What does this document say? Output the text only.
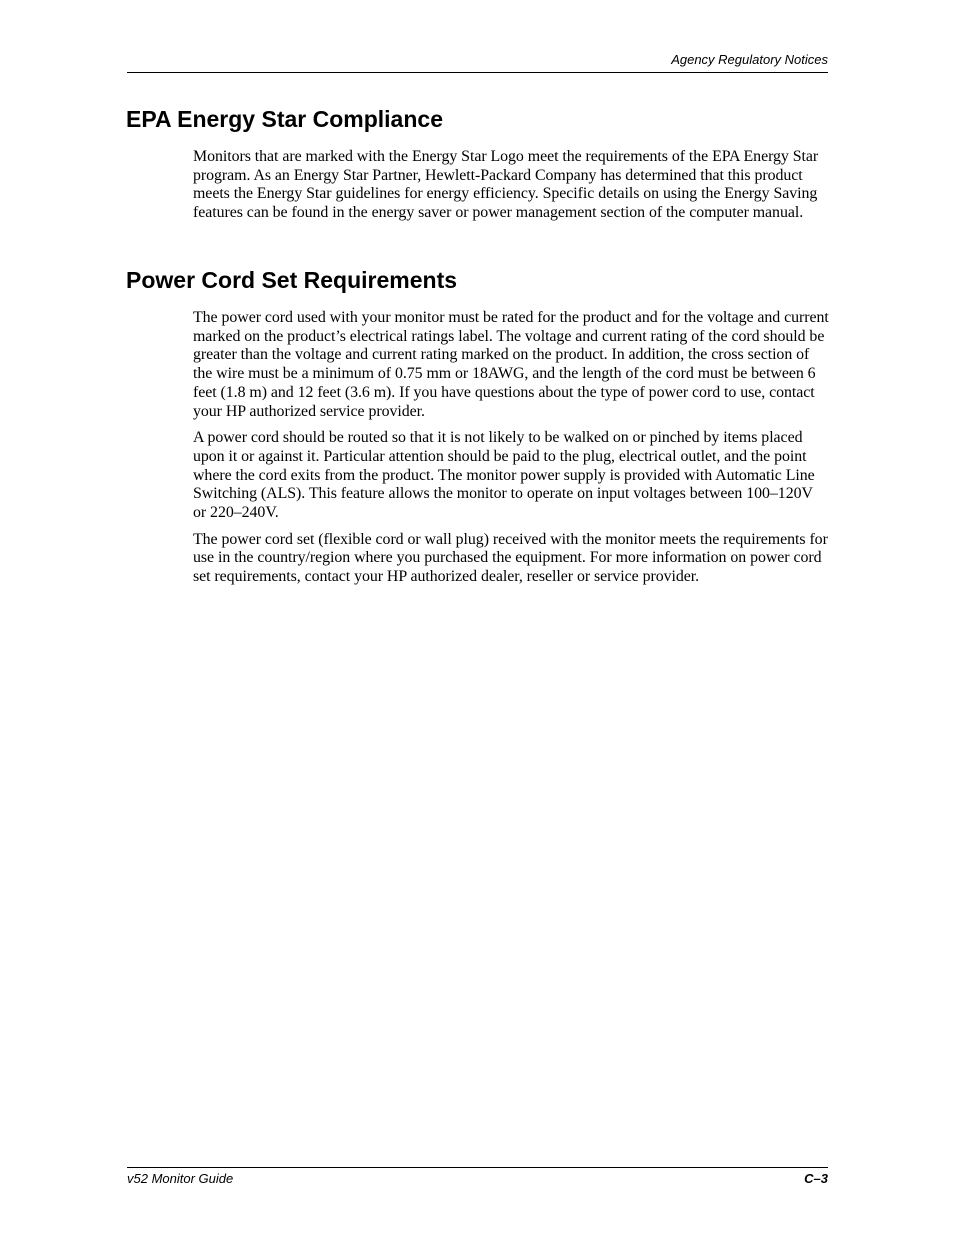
Agency Regulatory Notices
EPA Energy Star Compliance

Monitors that are marked with the Energy Star Logo meet the requirements of the EPA Energy Star program. As an Energy Star Partner, Hewlett-Packard Company has determined that this product meets the Energy Star guidelines for energy efficiency. Specific details on using the Energy Saving features can be found in the energy saver or power management section of the computer manual.

Power Cord Set Requirements

The power cord used with your monitor must be rated for the product and for the voltage and current marked on the product’s electrical ratings label. The voltage and current rating of the cord should be greater than the voltage and current rating marked on the product. In addition, the cross section of the wire must be a minimum of 0.75 mm or 18AWG, and the length of the cord must be between 6 feet (1.8 m) and 12 feet (3.6 m). If you have questions about the type of power cord to use, contact your HP authorized service provider.

A power cord should be routed so that it is not likely to be walked on or pinched by items placed upon it or against it. Particular attention should be paid to the plug, electrical outlet, and the point where the cord exits from the product. The monitor power supply is provided with Automatic Line Switching (ALS). This feature allows the monitor to operate on input voltages between 100–120V or 220–240V.

The power cord set (flexible cord or wall plug) received with the monitor meets the requirements for use in the country/region where you purchased the equipment. For more information on power cord set requirements, contact your HP authorized dealer, reseller or service provider.

v52 Monitor Guide	C–3
